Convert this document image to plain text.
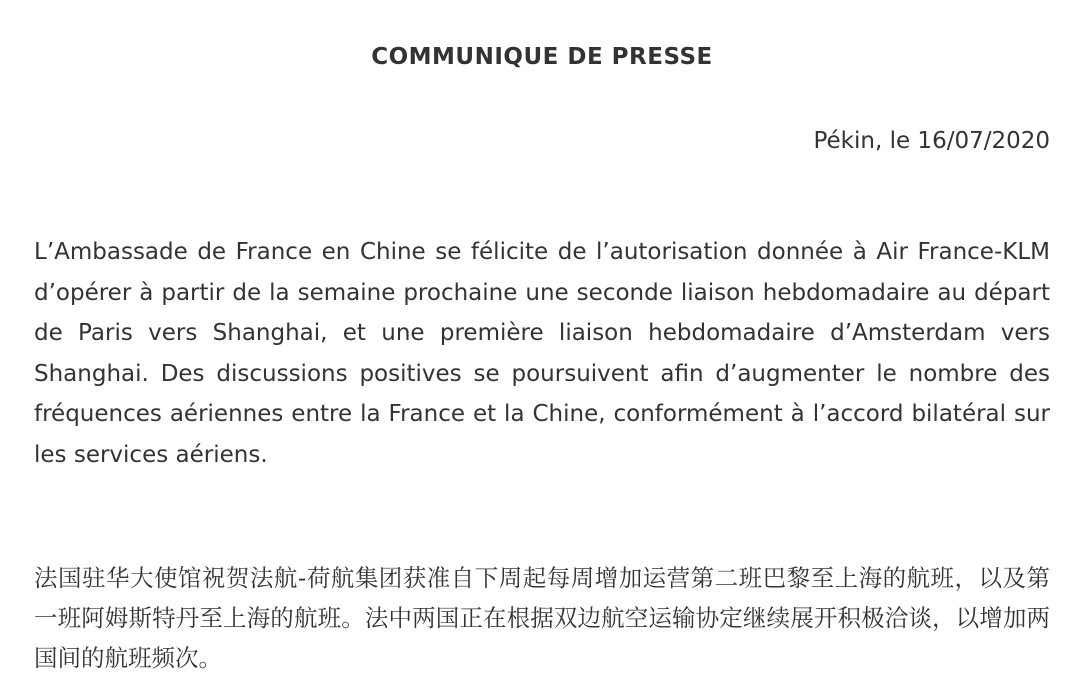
COMMUNIQUE DE PRESSE
Pékin, le 16/07/2020
L’Ambassade de France en Chine se félicite de l’autorisation donnée à Air France-KLM d’opérer à partir de la semaine prochaine une seconde liaison hebdomadaire au départ de Paris vers Shanghai, et une première liaison hebdomadaire d’Amsterdam vers Shanghai. Des discussions positives se poursuivent afin d’augmenter le nombre des fréquences aériennes entre la France et la Chine, conformément à l’accord bilatéral sur les services aériens.
法国驻华大使馆祝贺法航-荷航集团获准自下周起每周增加运营第二班巴黎至上海的航班，以及第一班阿姆斯特丹至上海的航班。法中两国正在根据双边航空运输协定继续展开积极洽谈，以增加两国间的航班频次。
